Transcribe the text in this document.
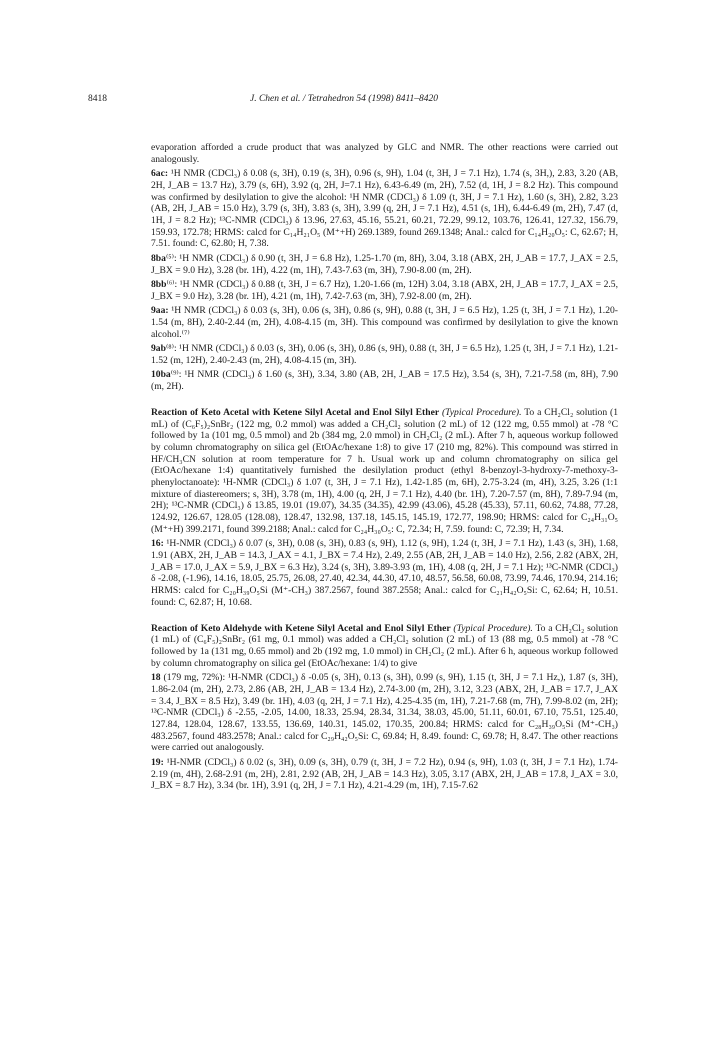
8418	J. Chen et al. / Tetrahedron 54 (1998) 8411–8420

evaporation afforded a crude product that was analyzed by GLC and NMR. The other reactions were carried out analogously.

6ac: ¹H NMR (CDCl₃) δ 0.08 (s, 3H), 0.19 (s, 3H), 0.96 (s, 9H), 1.04 (t, 3H, J = 7.1 Hz), 1.74 (s, 3H,), 2.83, 3.20 (AB, 2H, J_AB = 13.7 Hz), 3.79 (s, 6H), 3.92 (q, 2H, J=7.1 Hz), 6.43-6.49 (m, 2H), 7.52 (d, 1H, J = 8.2 Hz). This compound was confirmed by desilylation to give the alcohol: ¹H NMR (CDCl₃) δ 1.09 (t, 3H, J = 7.1 Hz), 1.60 (s, 3H), 2.82, 3.23 (AB, 2H, J_AB = 15.0 Hz), 3.79 (s, 3H), 3.83 (s, 3H), 3.99 (q, 2H, J = 7.1 Hz), 4.51 (s, 1H), 6.44-6.49 (m, 2H), 7.47 (d, 1H, J = 8.2 Hz); ¹³C-NMR (CDCl₃) δ 13.96, 27.63, 45.16, 55.21, 60.21, 72.29, 99.12, 103.76, 126.41, 127.32, 156.79, 159.93, 172.78; HRMS: calcd for C₁₄H₂₁O₅ (M⁺+H) 269.1389, found 269.1348; Anal.: calcd for C₁₄H₂₀O₅: C, 62.67; H, 7.51. found: C, 62.80; H, 7.38.

8ba⁽⁵⁾: ¹H NMR (CDCl₃) δ 0.90 (t, 3H, J = 6.8 Hz), 1.25-1.70 (m, 8H), 3.04, 3.18 (ABX, 2H, J_AB = 17.7, J_AX = 2.5, J_BX = 9.0 Hz), 3.28 (br. 1H), 4.22 (m, 1H), 7.43-7.63 (m, 3H), 7.90-8.00 (m, 2H).

8bb⁽⁶⁾: ¹H NMR (CDCl₃) δ 0.88 (t, 3H, J = 6.7 Hz), 1.20-1.66 (m, 12H) 3.04, 3.18 (ABX, 2H, J_AB = 17.7, J_AX = 2.5, J_BX = 9.0 Hz), 3.28 (br. 1H), 4.21 (m, 1H), 7.42-7.63 (m, 3H), 7.92-8.00 (m, 2H).

9aa: ¹H NMR (CDCl₃) δ 0.03 (s, 3H), 0.06 (s, 3H), 0.86 (s, 9H), 0.88 (t, 3H, J = 6.5 Hz), 1.25 (t, 3H, J = 7.1 Hz), 1.20-1.54 (m, 8H), 2.40-2.44 (m, 2H), 4.08-4.15 (m, 3H). This compound was confirmed by desilylation to give the known alcohol.⁽⁷⁾

9ab⁽⁸⁾: ¹H NMR (CDCl₃) δ 0.03 (s, 3H), 0.06 (s, 3H), 0.86 (s, 9H), 0.88 (t, 3H, J = 6.5 Hz), 1.25 (t, 3H, J = 7.1 Hz), 1.21-1.52 (m, 12H), 2.40-2.43 (m, 2H), 4.08-4.15 (m, 3H).

10ba⁽⁹⁾: ¹H NMR (CDCl₃) δ 1.60 (s, 3H), 3.34, 3.80 (AB, 2H, J_AB = 17.5 Hz), 3.54 (s, 3H), 7.21-7.58 (m, 8H), 7.90 (m, 2H).

Reaction of Keto Acetal with Ketene Silyl Acetal and Enol Silyl Ether (Typical Procedure). To a CH₂Cl₂ solution (1 mL) of (C₆F₅)₂SnBr₂ (122 mg, 0.2 mmol) was added a CH₂Cl₂ solution (2 mL) of 12 (122 mg, 0.55 mmol) at -78 °C followed by 1a (101 mg, 0.5 mmol) and 2b (384 mg, 2.0 mmol) in CH₂Cl₂ (2 mL). After 7 h, aqueous workup followed by column chromatography on silica gel (EtOAc/hexane 1:8) to give 17 (210 mg, 82%). This compound was stirred in HF/CH₃CN solution at room temperature for 7 h. Usual work up and column chromatography on silica gel (EtOAc/hexane 1:4) quantitatively furnished the desilylation product (ethyl 8-benzoyl-3-hydroxy-7-methoxy-3-phenyloctanoate): ¹H-NMR (CDCl₃) δ 1.07 (t, 3H, J = 7.1 Hz), 1.42-1.85 (m, 6H), 2.75-3.24 (m, 4H), 3.25, 3.26 (1:1 mixture of diastereomers; s, 3H), 3.78 (m, 1H), 4.00 (q, 2H, J = 7.1 Hz), 4.40 (br. 1H), 7.20-7.57 (m, 8H), 7.89-7.94 (m, 2H); ¹³C-NMR (CDCl₃) δ 13.85, 19.01 (19.07), 34.35 (34.35), 42.99 (43.06), 45.28 (45.33), 57.11, 60.62, 74.88, 77.28, 124.92, 126.67, 128.05 (128.08), 128.47, 132.98, 137.18, 145.15, 145.19, 172.77, 198.90; HRMS: calcd for C₂₄H₃₁O₅ (M⁺+H) 399.2171, found 399.2188; Anal.: calcd for C₂₄H₃₀O₅: C, 72.34; H, 7.59. found: C, 72.39; H, 7.34.

16: ¹H-NMR (CDCl₃) δ 0.07 (s, 3H), 0.08 (s, 3H), 0.83 (s, 9H), 1.12 (s, 9H), 1.24 (t, 3H, J = 7.1 Hz), 1.43 (s, 3H), 1.68, 1.91 (ABX, 2H, J_AB = 14.3, J_AX = 4.1, J_BX = 7.4 Hz), 2.49, 2.55 (AB, 2H, J_AB = 14.0 Hz), 2.56, 2.82 (ABX, 2H, J_AB = 17.0, J_AX = 5.9, J_BX = 6.3 Hz), 3.24 (s, 3H), 3.89-3.93 (m, 1H), 4.08 (q, 2H, J = 7.1 Hz); ¹³C-NMR (CDCl₃) δ -2.08, (-1.96), 14.16, 18.05, 25.75, 26.08, 27.40, 42.34, 44.30, 47.10, 48.57, 56.58, 60.08, 73.99, 74.46, 170.94, 214.16; HRMS: calcd for C₂₀H₃₉O₅Si (M⁺-CH₃) 387.2567, found 387.2558; Anal.: calcd for C₂₁H₄₂O₅Si: C, 62.64; H, 10.51. found: C, 62.87; H, 10.68.

Reaction of Keto Aldehyde with Ketene Silyl Acetal and Enol Silyl Ether (Typical Procedure). To a CH₂Cl₂ solution (1 mL) of (C₆F₅)₂SnBr₂ (61 mg, 0.1 mmol) was added a CH₂Cl₂ solution (2 mL) of 13 (88 mg, 0.5 mmol) at -78 °C followed by 1a (131 mg, 0.65 mmol) and 2b (192 mg, 1.0 mmol) in CH₂Cl₂ (2 mL). After 6 h, aqueous workup followed by column chromatography on silica gel (EtOAc/hexane: 1/4) to give

18 (179 mg, 72%): ¹H-NMR (CDCl₃) δ -0.05 (s, 3H), 0.13 (s, 3H), 0.99 (s, 9H), 1.15 (t, 3H, J = 7.1 Hz,), 1.87 (s, 3H), 1.86-2.04 (m, 2H), 2.73, 2.86 (AB, 2H, J_AB = 13.4 Hz), 2.74-3.00 (m, 2H), 3.12, 3.23 (ABX, 2H, J_AB = 17.7, J_AX = 3.4, J_BX = 8.5 Hz), 3.49 (br. 1H), 4.03 (q, 2H, J = 7.1 Hz), 4.25-4.35 (m, 1H), 7.21-7.68 (m, 7H), 7.99-8.02 (m, 2H); ¹³C-NMR (CDCl₃) δ -2.55, -2.05, 14.00, 18.33, 25.94, 28.34, 31.34, 38.03, 45.00, 51.11, 60.01, 67.10, 75.51, 125.40, 127.84, 128.04, 128.67, 133.55, 136.69, 140.31, 145.02, 170.35, 200.84; HRMS: calcd for C₂₈H₃₉O₅Si (M⁺-CH₃) 483.2567, found 483.2578; Anal.: calcd for C₂₉H₄₂O₅Si: C, 69.84; H, 8.49. found: C, 69.78; H, 8.47. The other reactions were carried out analogously.

19: ¹H-NMR (CDCl₃) δ 0.02 (s, 3H), 0.09 (s, 3H), 0.79 (t, 3H, J = 7.2 Hz), 0.94 (s, 9H), 1.03 (t, 3H, J = 7.1 Hz), 1.74-2.19 (m, 4H), 2.68-2.91 (m, 2H), 2.81, 2.92 (AB, 2H, J_AB = 14.3 Hz), 3.05, 3.17 (ABX, 2H, J_AB = 17.8, J_AX = 3.0, J_BX = 8.7 Hz), 3.34 (br. 1H), 3.91 (q, 2H, J = 7.1 Hz), 4.21-4.29 (m, 1H), 7.15-7.62
